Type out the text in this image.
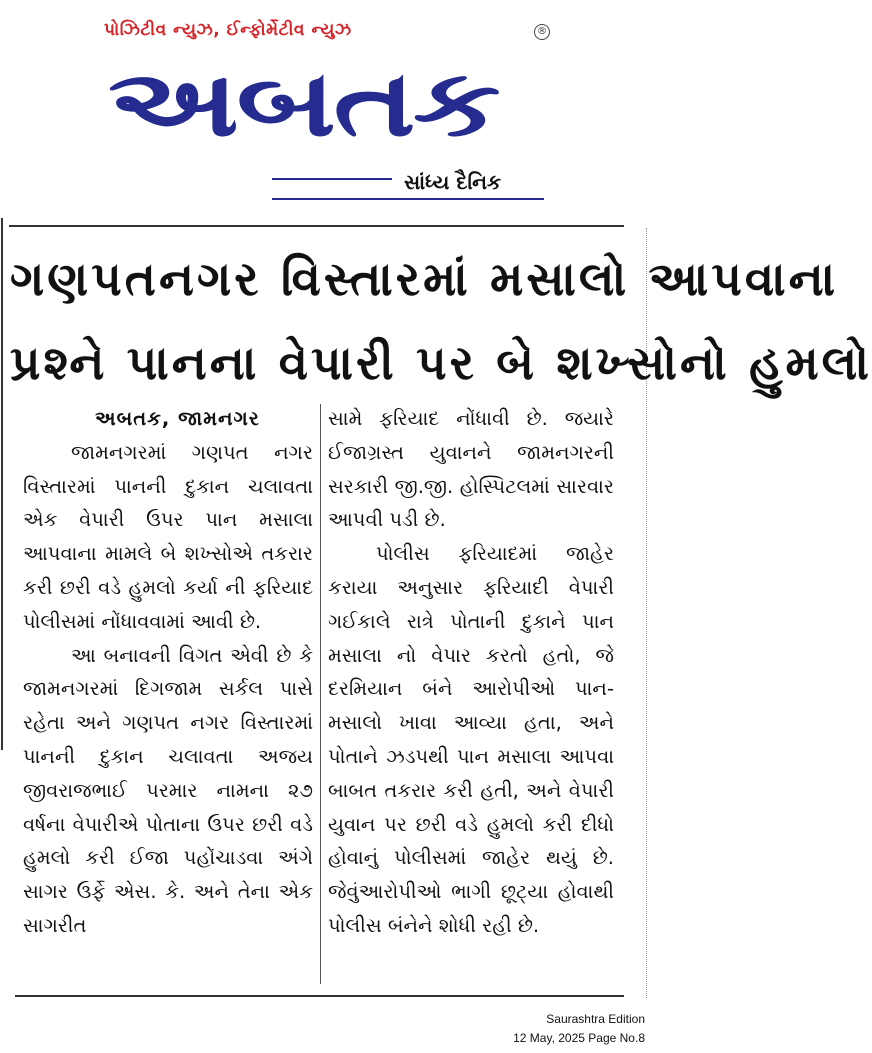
પોઝિટીવ ન્યુઝ, ઈન્ફોર્મેટીવ ન્યુઝ	®
અબતક
સાંધ્ય દૈનિક
ગણપતનગર વિસ્તારમાં મસાલો આપવાના
પ્રશ્ને પાનના વેપારી પર બે શખ્સોનો હુમલો

અબતક, જામનગર

જામનગરમાં ગણપત નગર વિસ્તારમાં પાનની દુકાન ચલાવતા એક વેપારી ઉપર પાન મસાલા આપવાના મામલે બે શખ્સોએ તકરાર કરી છરી વડે હુમલો કર્યા ની ફરિયાદ પોલીસમાં નોંધાવવામાં આવી છે.

આ બનાવની વિગત એવી છે કે જામનગરમાં દિગજામ સર્કલ પાસે રહેતા અને ગણપત નગર વિસ્તારમાં પાનની દુકાન ચલાવતા અજય જીવરાજભાઈ પરમાર નામના ૨૭ વર્ષના વેપારીએ પોતાના ઉપર છરી વડે હુમલો કરી ઈજા પહોંચાડવા અંગે સાગર ઉર્ફે એસ. કે. અને તેના એક સાગરીત

સામે ફરિયાદ નોંધાવી છે. જયારે ઈજાગ્રસ્ત યુવાનને જામનગરની સરકારી જી.જી. હોસ્પિટલમાં સારવાર આપવી પડી છે.

પોલીસ ફરિયાદમાં જાહેર કરાયા અનુસાર ફરિયાદી વેપારી ગઈકાલે રાત્રે પોતાની દુકાને પાન મસાલા નો વેપાર કરતો હતો, જે દરમિયાન બંને આરોપીઓ પાન-મસાલો ખાવા આવ્યા હતા, અને પોતાને ઝડપથી પાન મસાલા આપવા બાબત તકરાર કરી હતી, અને વેપારી યુવાન પર છરી વડે હુમલો કરી દીધો હોવાનું પોલીસમાં જાહેર થયું છે. જેવુંઆરોપીઓ ભાગી છૂટ્યા હોવાથી પોલીસ બંનેને શોધી રહી છે.

Saurashtra Edition
12 May, 2025 Page No.8
